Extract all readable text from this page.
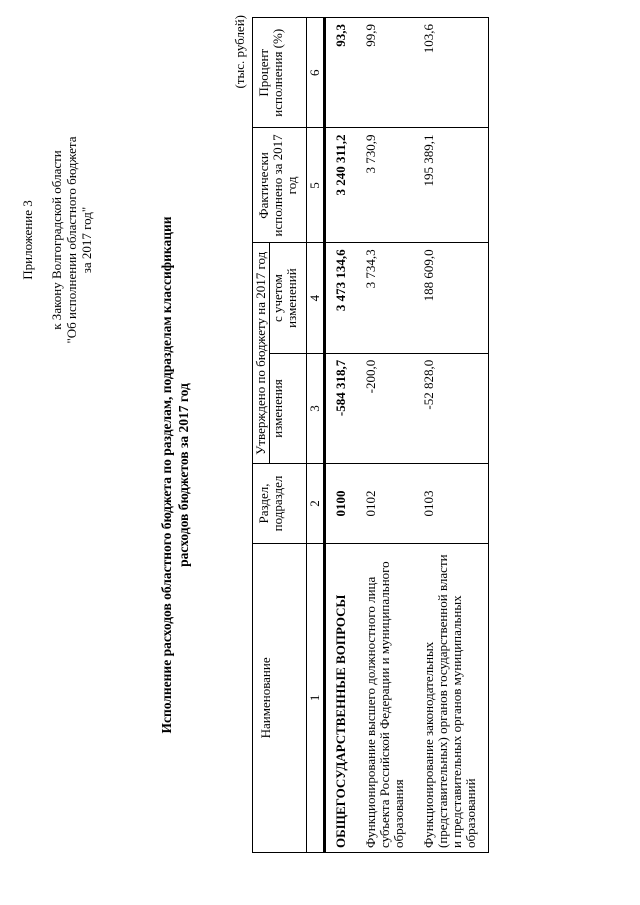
Приложение 3 к Закону Волгоградской области "Об исполнении областного бюджета за 2017 год"	Исполнение расходов областного бюджета по разделам, подразделам классификации расходов бюджетов за 2017 год
(тыс. рублей)
Наименование	Раздел, подраздел	Утверждено по бюджету на 2017 год		Фактически исполнено за 2017 год	Процент исполнения (%)
		изменения	с учетом изменений		
1	2	3	4	5	6
ОБЩЕГОСУДАРСТВЕННЫЕ ВОПРОСЫ	0100	-584 318,7	3 473 134,6	3 240 311,2	93,3
Функционирование высшего должностного лица субъекта Российской Федерации и муниципального образования	0102	-200,0	3 734,3	3 730,9	99,9
Функционирование законодательных (представительных) органов государственной власти и представительных органов муниципальных образований	0103	-52 828,0	188 609,0	195 389,1	103,6
